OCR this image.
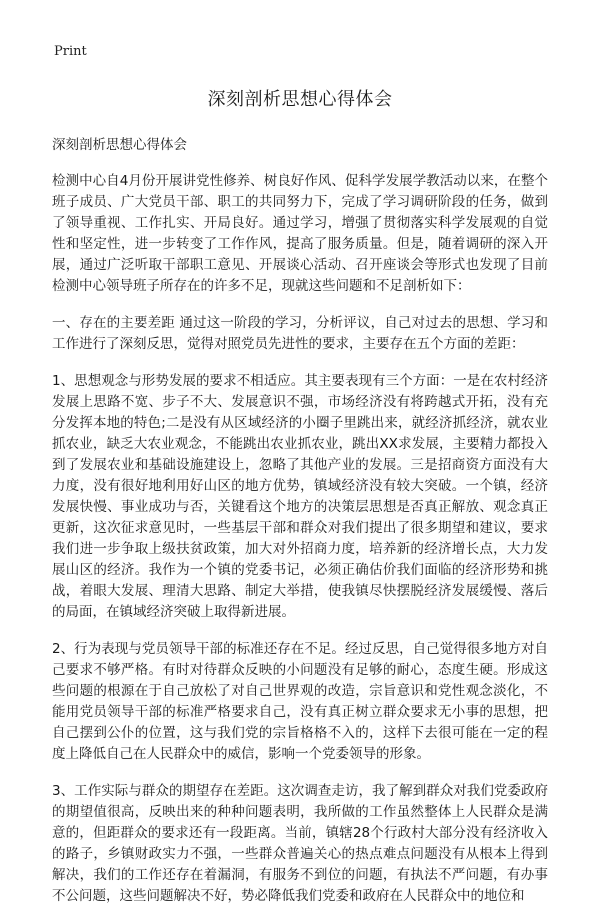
Print
深刻剖析思想心得体会
深刻剖析思想心得体会

检测中心自4月份开展讲党性修养、树良好作风、促科学发展学教活动以来，在整个班子成员、广大党员干部、职工的共同努力下，完成了学习调研阶段的任务，做到了领导重视、工作扎实、开局良好。通过学习，增强了贯彻落实科学发展观的自觉性和坚定性，进一步转变了工作作风，提高了服务质量。但是，随着调研的深入开展，通过广泛听取干部职工意见、开展谈心活动、召开座谈会等形式也发现了目前检测中心领导班子所存在的许多不足，现就这些问题和不足剖析如下：

一、存在的主要差距 通过这一阶段的学习，分析评议，自己对过去的思想、学习和工作进行了深刻反思，觉得对照党员先进性的要求，主要存在五个方面的差距：

1、思想观念与形势发展的要求不相适应。其主要表现有三个方面：一是在农村经济发展上思路不宽、步子不大、发展意识不强，市场经济没有将跨越式开拓，没有充分发挥本地的特色;二是没有从区域经济的小圈子里跳出来，就经济抓经济，就农业抓农业，缺乏大农业观念，不能跳出农业抓农业，跳出XX求发展，主要精力都投入到了发展农业和基础设施建设上，忽略了其他产业的发展。三是招商资方面没有大力度，没有很好地利用好山区的地方优势，镇域经济没有较大突破。一个镇，经济发展快慢、事业成功与否，关键看这个地方的决策层思想是否真正解放、观念真正更新，这次征求意见时，一些基层干部和群众对我们提出了很多期望和建议，要求我们进一步争取上级扶贫政策，加大对外招商力度，培养新的经济增长点，大力发展山区的经济。我作为一个镇的党委书记，必须正确估价我们面临的经济形势和挑战，着眼大发展、理清大思路、制定大举措，使我镇尽快摆脱经济发展缓慢、落后的局面，在镇域经济突破上取得新进展。

2、行为表现与党员领导干部的标准还存在不足。经过反思，自己觉得很多地方对自己要求不够严格。有时对待群众反映的小问题没有足够的耐心，态度生硬。形成这些问题的根源在于自己放松了对自己世界观的改造，宗旨意识和党性观念淡化，不能用党员领导干部的标准严格要求自己，没有真正树立群众要求无小事的思想，把自己摆到公仆的位置，这与我们党的宗旨格格不入的，这样下去很可能在一定的程度上降低自己在人民群众中的威信，影响一个党委领导的形象。

3、工作实际与群众的期望存在差距。这次调查走访，我了解到群众对我们党委政府的期望值很高，反映出来的种种问题表明，我所做的工作虽然整体上人民群众是满意的，但距群众的要求还有一段距离。当前，镇辖28个行政村大部分没有经济收入的路子，乡镇财政实力不强，一些群众普遍关心的热点难点问题没有从根本上得到解决，我们的工作还存在着漏洞，有服务不到位的问题，有执法不严问题，有办事不公问题，这些问题解决不好，势必降低我们党委和政府在人民群众中的地位和
